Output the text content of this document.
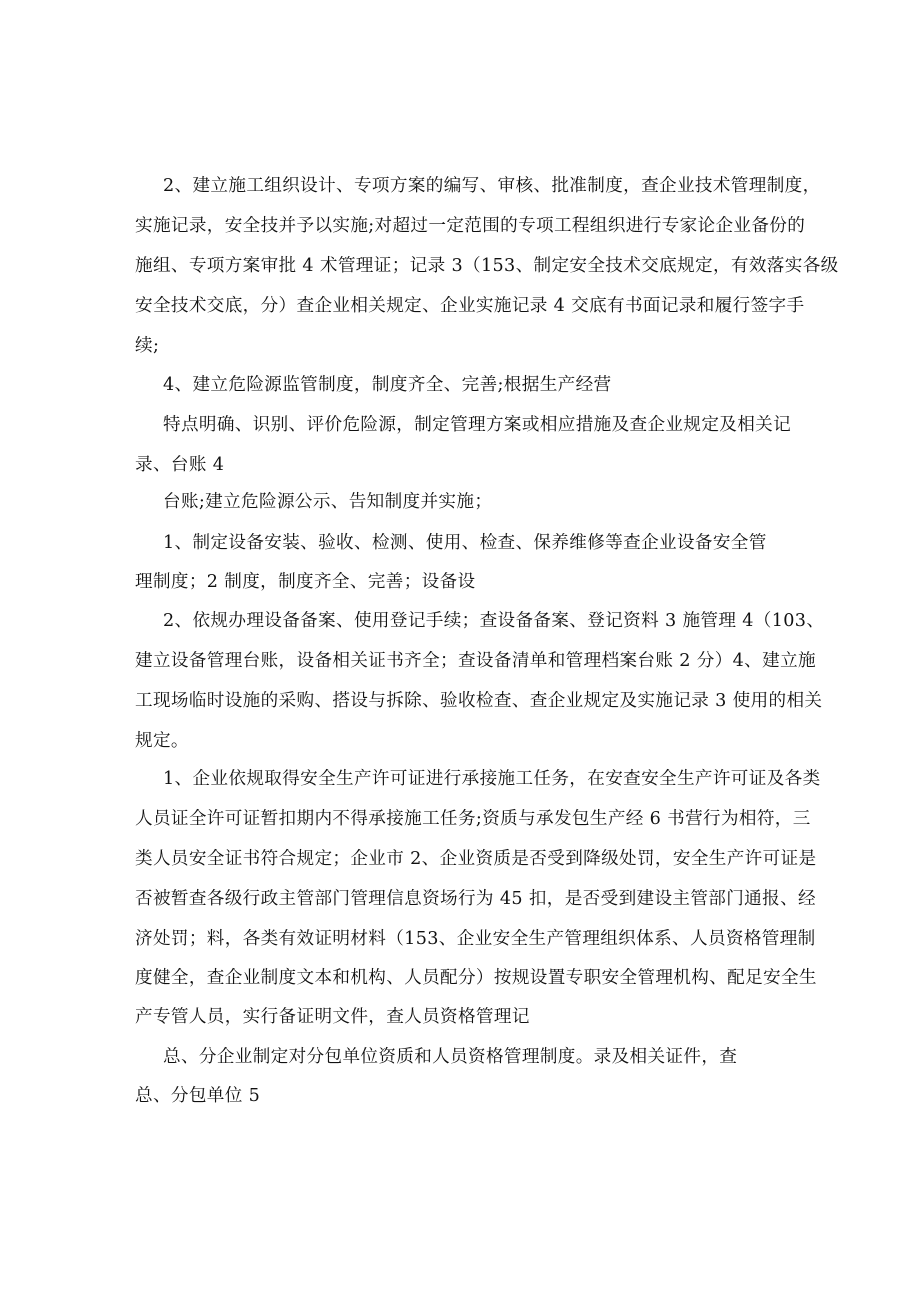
2、建立施工组织设计、专项方案的编写、审核、批准制度，查企业技术管理制度，

实施记录，安全技并予以实施;对超过一定范围的专项工程组织进行专家论企业备份的

施组、专项方案审批 4 术管理证；记录 3（153、制定安全技术交底规定，有效落实各级

安全技术交底，分）查企业相关规定、企业实施记录 4 交底有书面记录和履行签字手

续;

4、建立危险源监管制度，制度齐全、完善;根据生产经营

特点明确、识别、评价危险源，制定管理方案或相应措施及查企业规定及相关记

录、台账 4

台账;建立危险源公示、告知制度并实施；

1、制定设备安装、验收、检测、使用、检查、保养维修等查企业设备安全管

理制度；2 制度，制度齐全、完善；设备设

2、依规办理设备备案、使用登记手续；查设备备案、登记资料 3 施管理 4（103、

建立设备管理台账，设备相关证书齐全；查设备清单和管理档案台账 2 分）4、建立施

工现场临时设施的采购、搭设与拆除、验收检查、查企业规定及实施记录 3 使用的相关

规定。

1、企业依规取得安全生产许可证进行承接施工任务，在安查安全生产许可证及各类

人员证全许可证暂扣期内不得承接施工任务;资质与承发包生产经 6 书营行为相符，三

类人员安全证书符合规定；企业市 2、企业资质是否受到降级处罚，安全生产许可证是

否被暂查各级行政主管部门管理信息资场行为 45 扣，是否受到建设主管部门通报、经

济处罚；料，各类有效证明材料（153、企业安全生产管理组织体系、人员资格管理制

度健全，查企业制度文本和机构、人员配分）按规设置专职安全管理机构、配足安全生

产专管人员，实行备证明文件，查人员资格管理记

总、分企业制定对分包单位资质和人员资格管理制度。录及相关证件，查

总、分包单位 5
